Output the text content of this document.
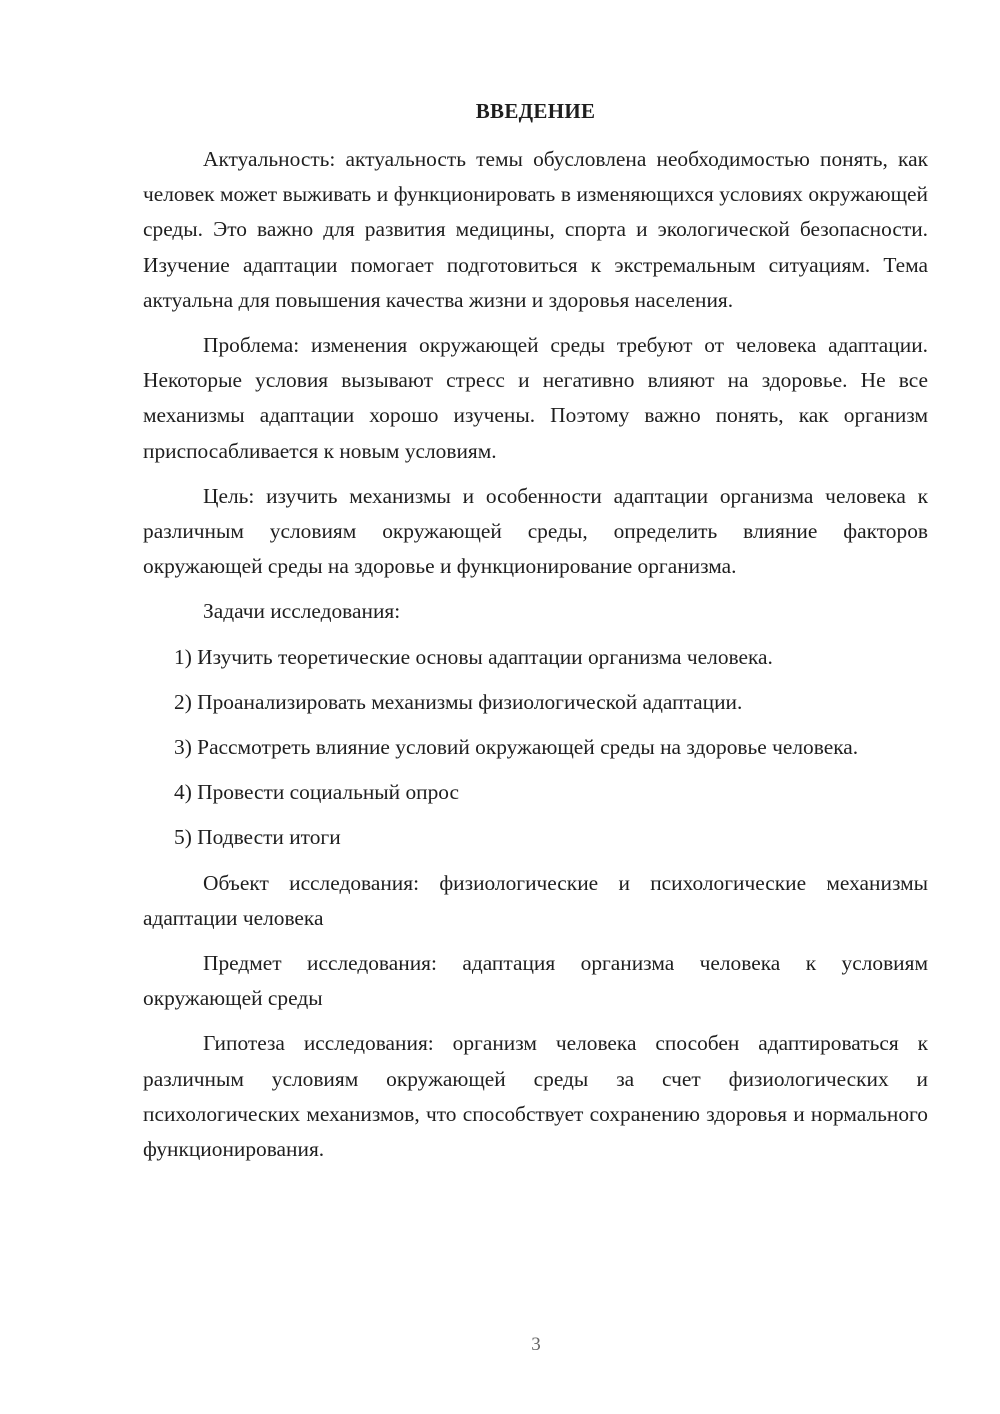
ВВЕДЕНИЕ

Актуальность: актуальность темы обусловлена необходимостью понять, как человек может выживать и функционировать в изменяющихся условиях окружающей среды. Это важно для развития медицины, спорта и экологической безопасности. Изучение адаптации помогает подготовиться к экстремальным ситуациям. Тема актуальна для повышения качества жизни и здоровья населения.

Проблема: изменения окружающей среды требуют от человека адаптации. Некоторые условия вызывают стресс и негативно влияют на здоровье. Не все механизмы адаптации хорошо изучены. Поэтому важно понять, как организм приспосабливается к новым условиям.

Цель: изучить механизмы и особенности адаптации организма человека к различным условиям окружающей среды, определить влияние факторов окружающей среды на здоровье и функционирование организма.

Задачи исследования:

1) Изучить теоретические основы адаптации организма человека.

2) Проанализировать механизмы физиологической адаптации.

3) Рассмотреть влияние условий окружающей среды на здоровье человека.

4) Провести социальный опрос

5) Подвести итоги

Объект исследования: физиологические и психологические механизмы адаптации человека

Предмет исследования: адаптация организма человека к условиям окружающей среды

Гипотеза исследования: организм человека способен адаптироваться к различным условиям окружающей среды за счет физиологических и психологических механизмов, что способствует сохранению здоровья и нормального функционирования.

3
